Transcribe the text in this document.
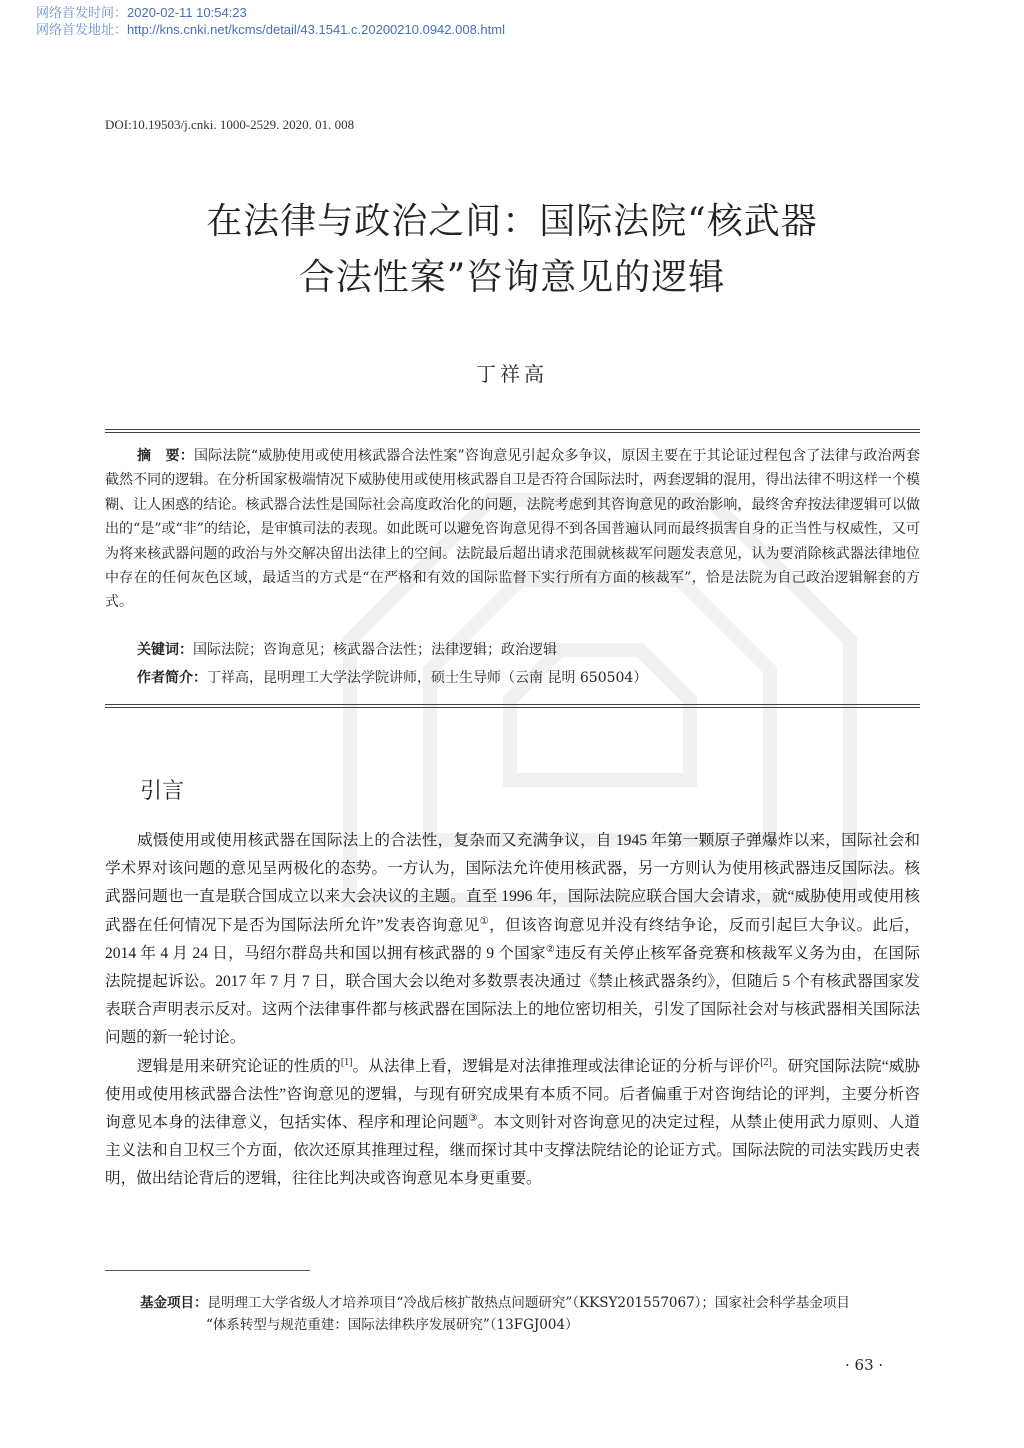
网络首发时间：2020-02-11 10:54:23
网络首发地址：http://kns.cnki.net/kcms/detail/43.1541.c.20200210.0942.008.html
DOI:10.19503/j.cnki. 1000-2529. 2020. 01. 008
在法律与政治之间：国际法院“核武器
合法性案”咨询意见的逻辑
丁祥高

摘　要：国际法院“威胁使用或使用核武器合法性案”咨询意见引起众多争议，原因主要在于其论证过程包含了法律与政治两套截然不同的逻辑。在分析国家极端情况下威胁使用或使用核武器自卫是否符合国际法时，两套逻辑的混用，得出法律不明这样一个模糊、让人困惑的结论。核武器合法性是国际社会高度政治化的问题，法院考虑到其咨询意见的政治影响，最终舍弃按法律逻辑可以做出的“是”或“非”的结论，是审慎司法的表现。如此既可以避免咨询意见得不到各国普遍认同而最终损害自身的正当性与权威性，又可为将来核武器问题的政治与外交解决留出法律上的空间。法院最后超出请求范围就核裁军问题发表意见，认为要消除核武器法律地位中存在的任何灰色区域，最适当的方式是“在严格和有效的国际监督下实行所有方面的核裁军”，恰是法院为自己政治逻辑解套的方式。

关键词：国际法院；咨询意见；核武器合法性；法律逻辑；政治逻辑
作者简介：丁祥高，昆明理工大学法学院讲师，硕士生导师（云南 昆明 650504）
引言

威慑使用或使用核武器在国际法上的合法性，复杂而又充满争议，自 1945 年第一颗原子弹爆炸以来，国际社会和学术界对该问题的意见呈两极化的态势。一方认为，国际法允许使用核武器，另一方则认为使用核武器违反国际法。核武器问题也一直是联合国成立以来大会决议的主题。直至 1996 年，国际法院应联合国大会请求，就“威胁使用或使用核武器在任何情况下是否为国际法所允许”发表咨询意见①，但该咨询意见并没有终结争论，反而引起巨大争议。此后，2014 年 4 月 24 日，马绍尔群岛共和国以拥有核武器的 9 个国家②违反有关停止核军备竞赛和核裁军义务为由，在国际法院提起诉讼。2017 年 7 月 7 日，联合国大会以绝对多数票表决通过《禁止核武器条约》，但随后 5 个有核武器国家发表联合声明表示反对。这两个法律事件都与核武器在国际法上的地位密切相关，引发了国际社会对与核武器相关国际法问题的新一轮讨论。

逻辑是用来研究论证的性质的[1]。从法律上看，逻辑是对法律推理或法律论证的分析与评价[2]。研究国际法院“威胁使用或使用核武器合法性”咨询意见的逻辑，与现有研究成果有本质不同。后者偏重于对咨询结论的评判，主要分析咨询意见本身的法律意义，包括实体、程序和理论问题③。本文则针对咨询意见的决定过程，从禁止使用武力原则、人道主义法和自卫权三个方面，依次还原其推理过程，继而探讨其中支撑法院结论的论证方式。国际法院的司法实践历史表明，做出结论背后的逻辑，往往比判决或咨询意见本身更重要。

基金项目：昆明理工大学省级人才培养项目“冷战后核扩散热点问题研究”（KKSY201557067）；国家社会科学基金项目
“体系转型与规范重建：国际法律秩序发展研究”（13FGJ004）
· 63 ·
